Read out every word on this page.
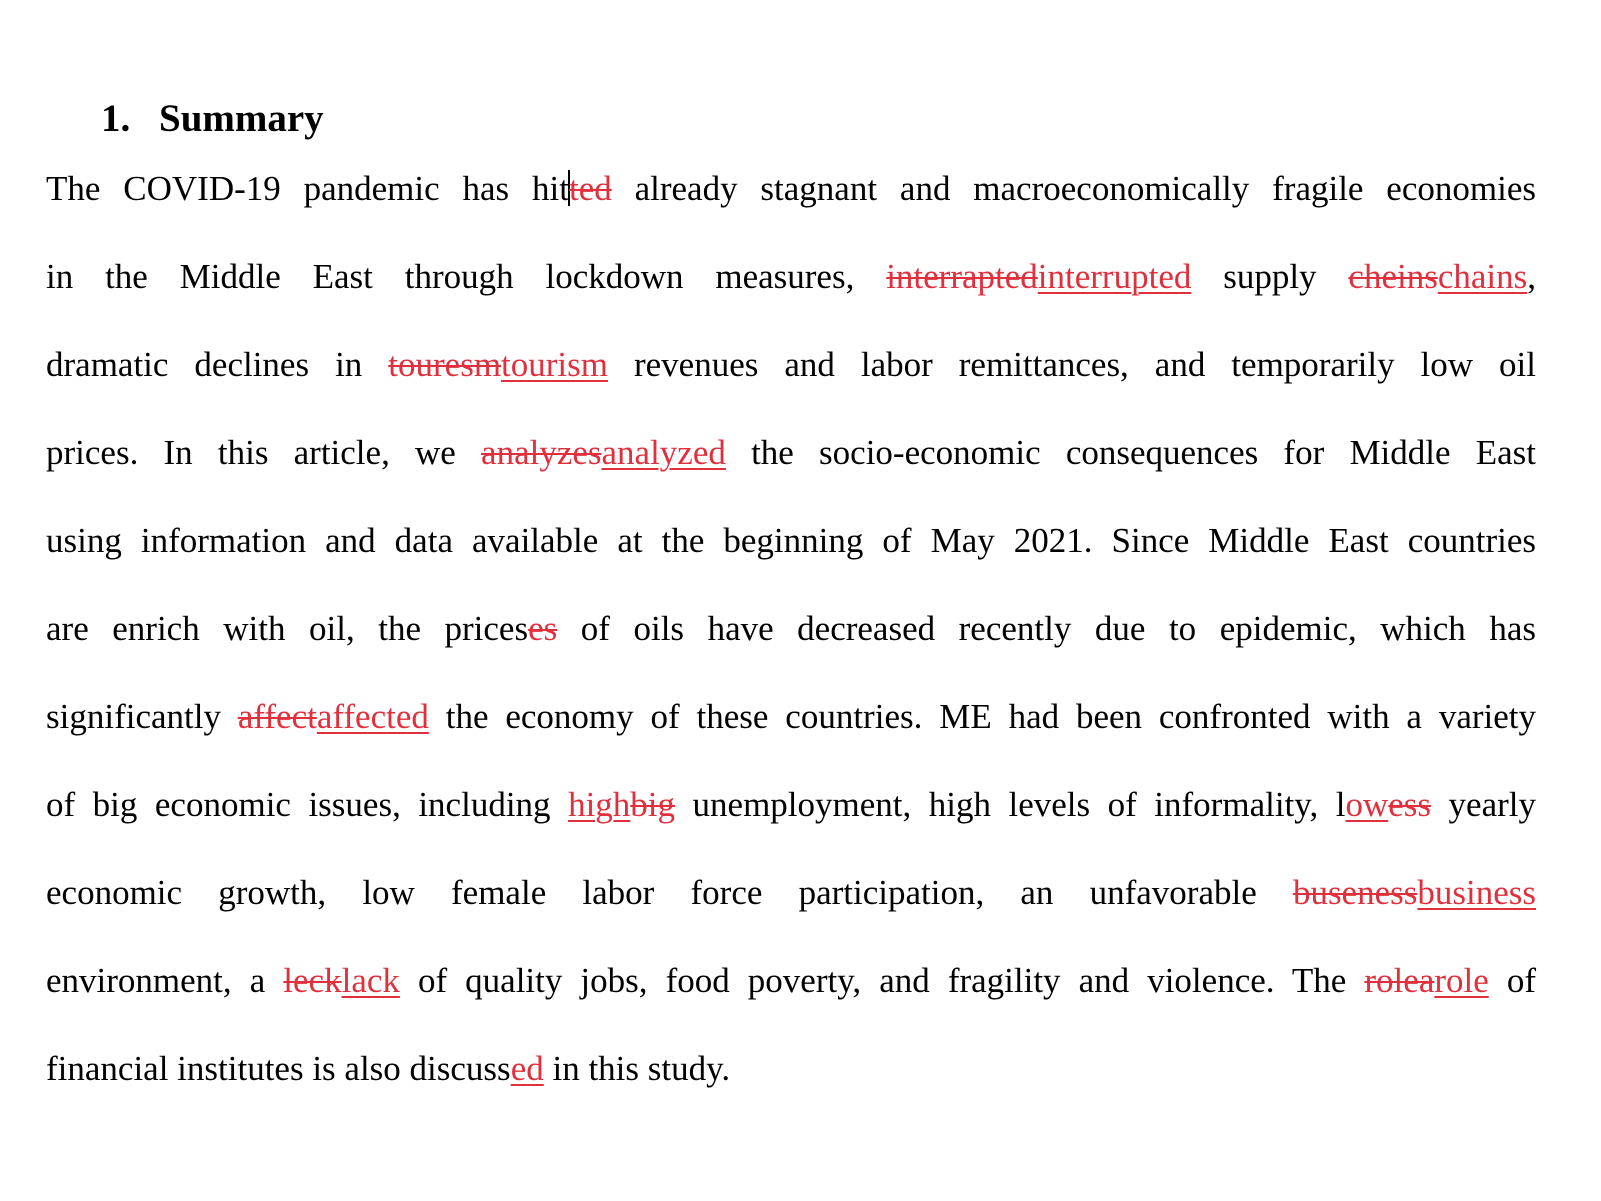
1. Summary
The COVID-19 pandemic has hitted already stagnant and macroeconomically fragile economies
in the Middle East through lockdown measures, interraptedinterrupted supply cheinschains,
dramatic declines in touresmtourism revenues and labor remittances, and temporarily low oil
prices. In this article, we analyzesanalyzed the socio-economic consequences for Middle East
using information and data available at the beginning of May 2021. Since Middle East countries
are enrich with oil, the priceses of oils have decreased recently due to epidemic, which has
significantly affectaffected the economy of these countries. ME had been confronted with a variety
of big economic issues, including highbig unemployment, high levels of informality, lowess yearly
economic growth, low female labor force participation, an unfavorable busenessbusiness
environment, a lecklack of quality jobs, food poverty, and fragility and violence. The rolearole of
financial institutes is also discussed in this study.
